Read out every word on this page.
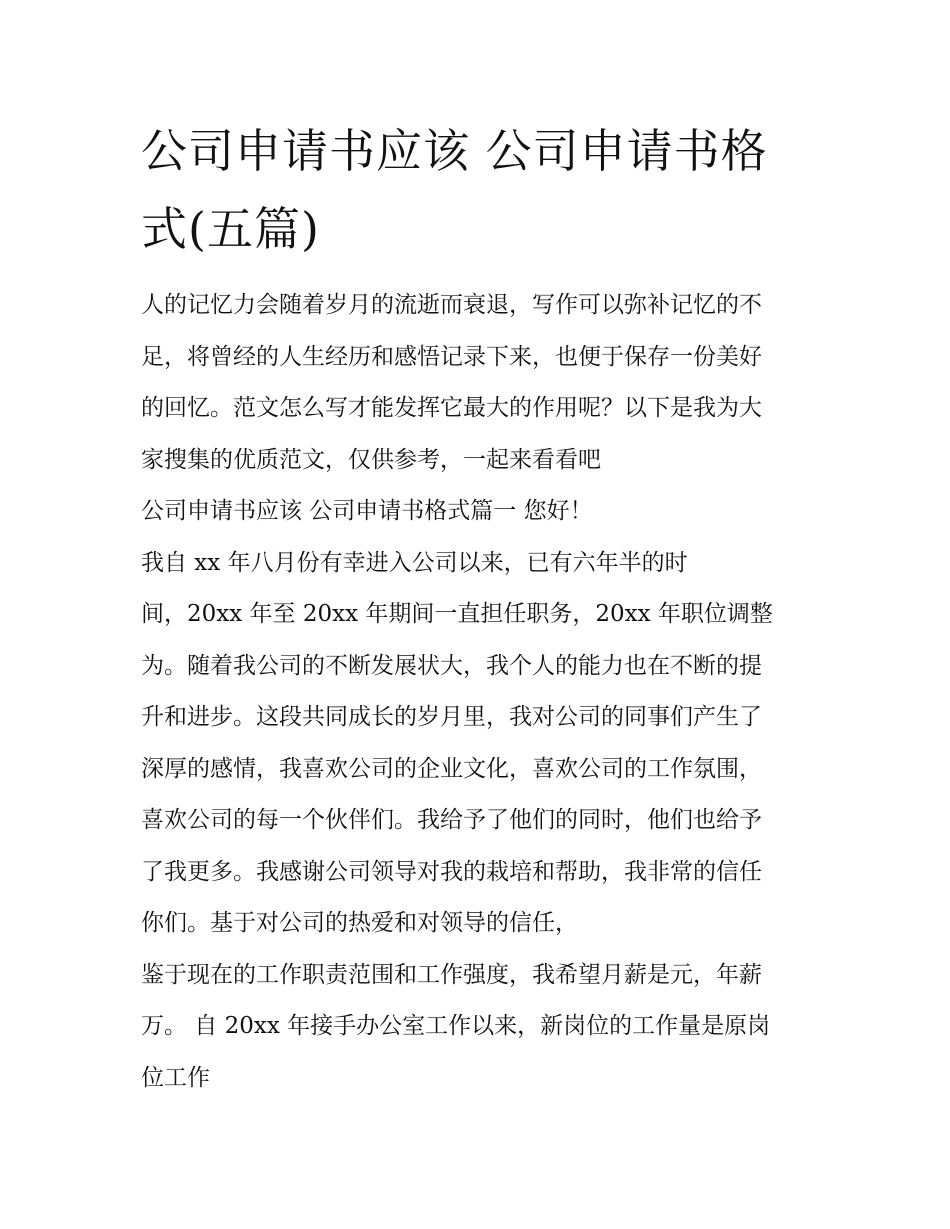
公司申请书应该 公司申请书格
式(五篇)
人的记忆力会随着岁月的流逝而衰退，写作可以弥补记忆的不
足，将曾经的人生经历和感悟记录下来，也便于保存一份美好
的回忆。范文怎么写才能发挥它最大的作用呢？以下是我为大
家搜集的优质范文，仅供参考，一起来看看吧
公司申请书应该 公司申请书格式篇一 您好！
我自 xx 年八月份有幸进入公司以来，已有六年半的时
间，20xx 年至 20xx 年期间一直担任职务，20xx 年职位调整
为。随着我公司的不断发展状大，我个人的能力也在不断的提
升和进步。这段共同成长的岁月里，我对公司的同事们产生了
深厚的感情，我喜欢公司的企业文化，喜欢公司的工作氛围，
喜欢公司的每一个伙伴们。我给予了他们的同时，他们也给予
了我更多。我感谢公司领导对我的栽培和帮助，我非常的信任
你们。基于对公司的热爱和对领导的信任，
鉴于现在的工作职责范围和工作强度，我希望月薪是元，年薪
万。 自 20xx 年接手办公室工作以来，新岗位的工作量是原岗
位工作
